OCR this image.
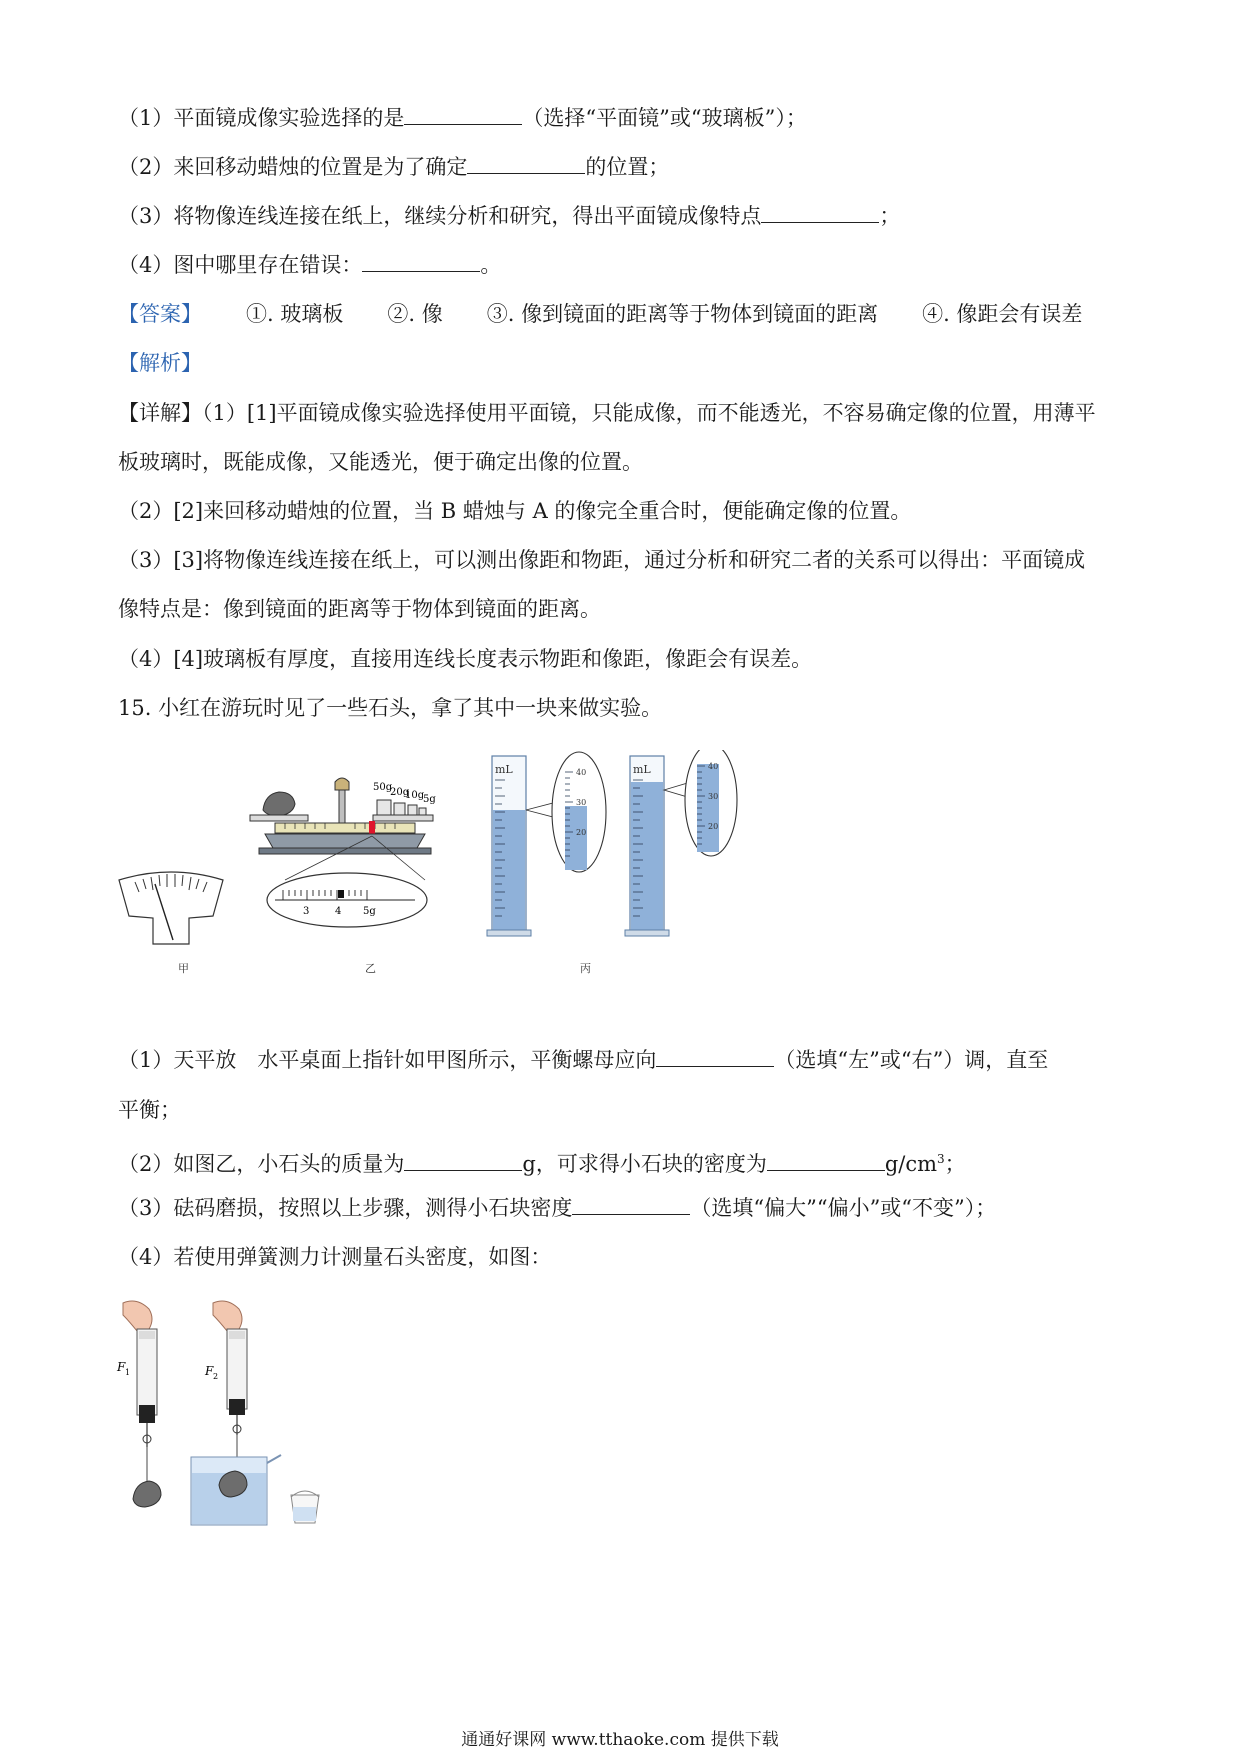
（1）平面镜成像实验选择的是	（选择“平面镜”或“玻璃板”）；
（2）来回移动蜡烛的位置是为了确定	的位置；
（3）将物像连线连接在纸上，继续分析和研究，得出平面镜成像特点	；
（4）图中哪里存在错误：	。
【答案】 ①. 玻璃板 ②. 像 ③. 像到镜面的距离等于物体到镜面的距离 ④. 像距会有误差
【解析】
【详解】（1）[1]平面镜成像实验选择使用平面镜，只能成像，而不能透光，不容易确定像的位置，用薄平
板玻璃时，既能成像，又能透光，便于确定出像的位置。
（2）[2]来回移动蜡烛的位置，当 B 蜡烛与 A 的像完全重合时，便能确定像的位置。
（3）[3]将物像连线连接在纸上，可以测出像距和物距，通过分析和研究二者的关系可以得出：平面镜成
像特点是：像到镜面的距离等于物体到镜面的距离。
（4）[4]玻璃板有厚度，直接用连线长度表示物距和像距，像距会有误差。
15. 小红在游玩时见了一些石头，拿了其中一块来做实验。
甲
50g
20g
10g
5g
3	4 5g
乙
mL	40
30
20
mL	40
30
20
丙
（1）天平放　水平桌面上指针如甲图所示，平衡螺母应向	（选填“左”或“右”）调，直至
平衡；
（2）如图乙，小石头的质量为	g，可求得小石块的密度为	$g/cm^3$；
（3）砝码磨损，按照以上步骤，测得小石块密度	（选填“偏大”“偏小”或“不变”）；
（4）若使用弹簧测力计测量石头密度，如图：
F 1	F 2
通通好课网 www.tthaoke.com 提供下载
